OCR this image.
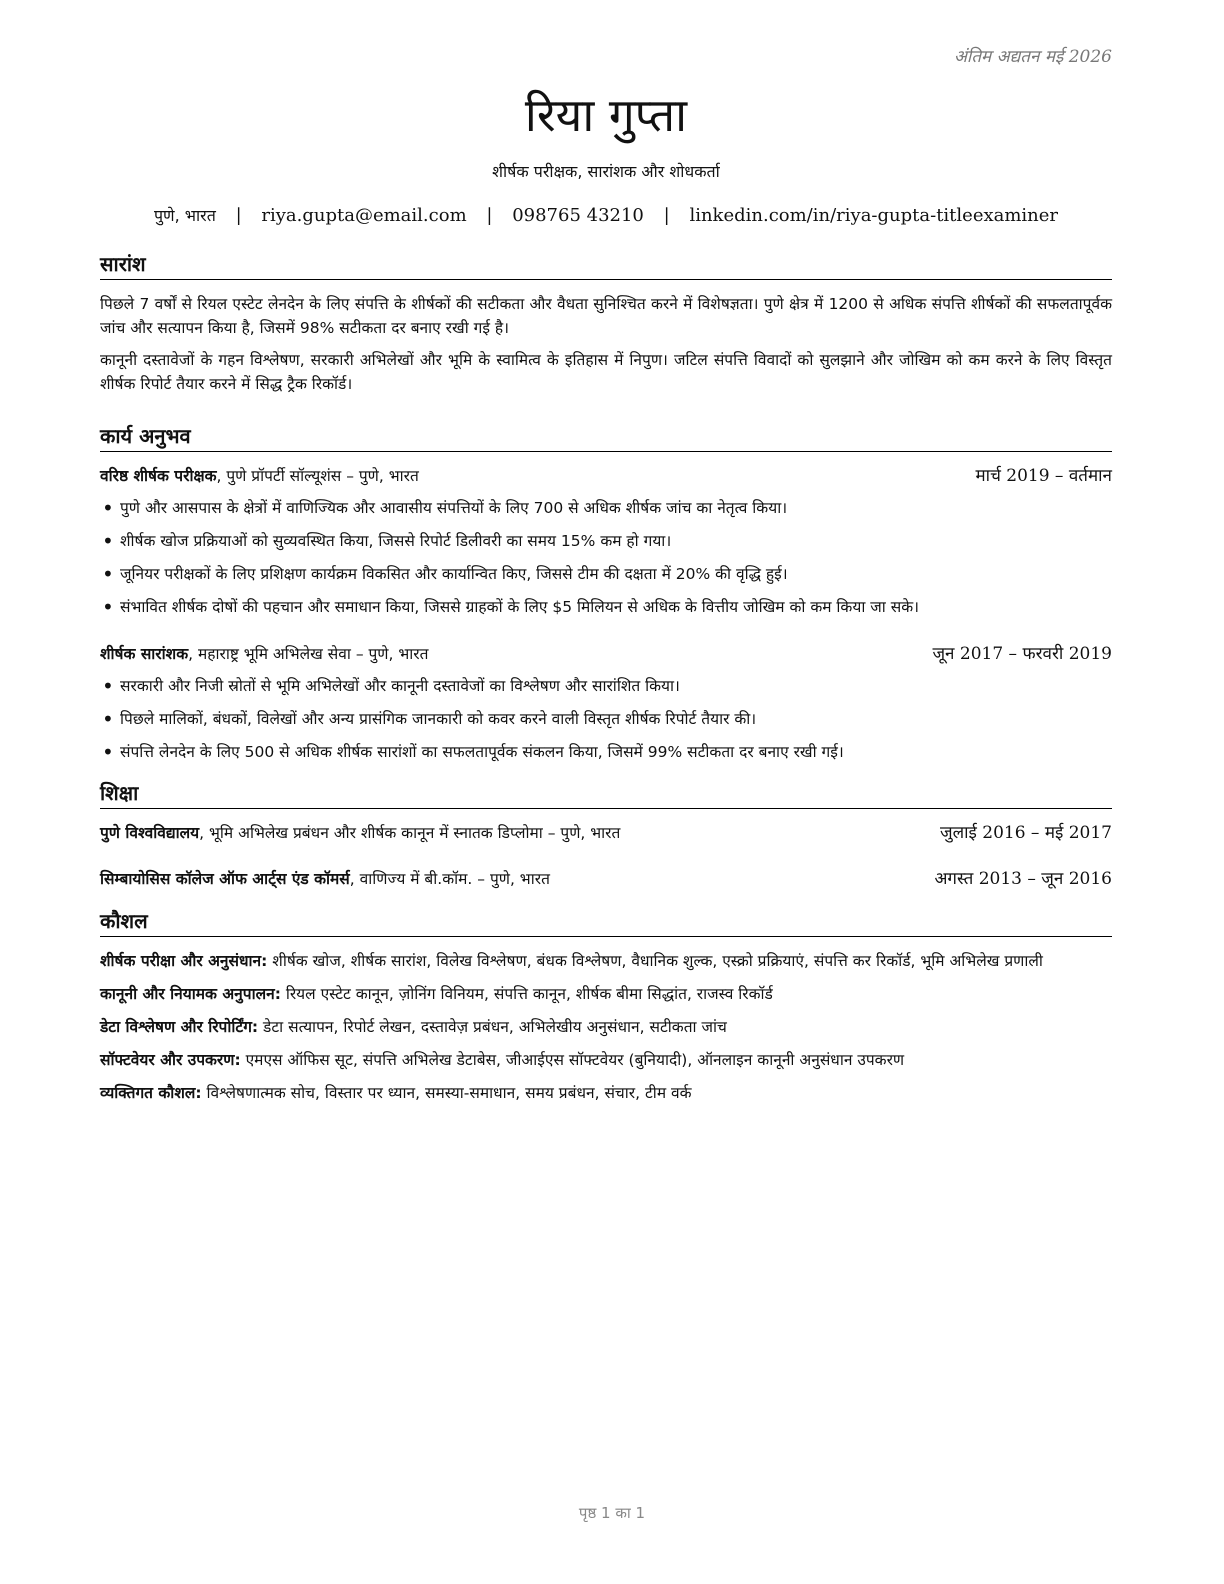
अंतिम अद्यतन मई 2026
रिया गुप्ता
शीर्षक परीक्षक, सारांशक और शोधकर्ता
पुणे, भारत | riya.gupta@email.com | 098765 43210 | linkedin.com/in/riya-gupta-titleexaminer
सारांश

पिछले 7 वर्षों से रियल एस्टेट लेनदेन के लिए संपत्ति के शीर्षकों की सटीकता और वैधता सुनिश्चित करने में विशेषज्ञता। पुणे क्षेत्र में 1200 से अधिक संपत्ति शीर्षकों की सफलतापूर्वक जांच और सत्यापन किया है, जिसमें 98% सटीकता दर बनाए रखी गई है।

कानूनी दस्तावेजों के गहन विश्लेषण, सरकारी अभिलेखों और भूमि के स्वामित्व के इतिहास में निपुण। जटिल संपत्ति विवादों को सुलझाने और जोखिम को कम करने के लिए विस्तृत शीर्षक रिपोर्ट तैयार करने में सिद्ध ट्रैक रिकॉर्ड।

कार्य अनुभव
वरिष्ठ शीर्षक परीक्षक, पुणे प्रॉपर्टी सॉल्यूशंस – पुणे, भारत	मार्च 2019 – वर्तमान
• पुणे और आसपास के क्षेत्रों में वाणिज्यिक और आवासीय संपत्तियों के लिए 700 से अधिक शीर्षक जांच का नेतृत्व किया।
• शीर्षक खोज प्रक्रियाओं को सुव्यवस्थित किया, जिससे रिपोर्ट डिलीवरी का समय 15% कम हो गया।
• जूनियर परीक्षकों के लिए प्रशिक्षण कार्यक्रम विकसित और कार्यान्वित किए, जिससे टीम की दक्षता में 20% की वृद्धि हुई।
• संभावित शीर्षक दोषों की पहचान और समाधान किया, जिससे ग्राहकों के लिए $5 मिलियन से अधिक के वित्तीय जोखिम को कम किया जा सके।
शीर्षक सारांशक, महाराष्ट्र भूमि अभिलेख सेवा – पुणे, भारत	जून 2017 – फरवरी 2019
• सरकारी और निजी स्रोतों से भूमि अभिलेखों और कानूनी दस्तावेजों का विश्लेषण और सारांशित किया।
• पिछले मालिकों, बंधकों, विलेखों और अन्य प्रासंगिक जानकारी को कवर करने वाली विस्तृत शीर्षक रिपोर्ट तैयार की।
• संपत्ति लेनदेन के लिए 500 से अधिक शीर्षक सारांशों का सफलतापूर्वक संकलन किया, जिसमें 99% सटीकता दर बनाए रखी गई।
शिक्षा
पुणे विश्वविद्यालय, भूमि अभिलेख प्रबंधन और शीर्षक कानून में स्नातक डिप्लोमा – पुणे, भारत	जुलाई 2016 – मई 2017
सिम्बायोसिस कॉलेज ऑफ आर्ट्स एंड कॉमर्स, वाणिज्य में बी.कॉम. – पुणे, भारत	अगस्त 2013 – जून 2016
कौशल
शीर्षक परीक्षा और अनुसंधान: शीर्षक खोज, शीर्षक सारांश, विलेख विश्लेषण, बंधक विश्लेषण, वैधानिक शुल्क, एस्क्रो प्रक्रियाएं, संपत्ति कर रिकॉर्ड, भूमि अभिलेख प्रणाली
कानूनी और नियामक अनुपालन: रियल एस्टेट कानून, ज़ोनिंग विनियम, संपत्ति कानून, शीर्षक बीमा सिद्धांत, राजस्व रिकॉर्ड
डेटा विश्लेषण और रिपोर्टिंग: डेटा सत्यापन, रिपोर्ट लेखन, दस्तावेज़ प्रबंधन, अभिलेखीय अनुसंधान, सटीकता जांच
सॉफ्टवेयर और उपकरण: एमएस ऑफिस सूट, संपत्ति अभिलेख डेटाबेस, जीआईएस सॉफ्टवेयर (बुनियादी), ऑनलाइन कानूनी अनुसंधान उपकरण
व्यक्तिगत कौशल: विश्लेषणात्मक सोच, विस्तार पर ध्यान, समस्या-समाधान, समय प्रबंधन, संचार, टीम वर्क
पृष्ठ 1 का 1
